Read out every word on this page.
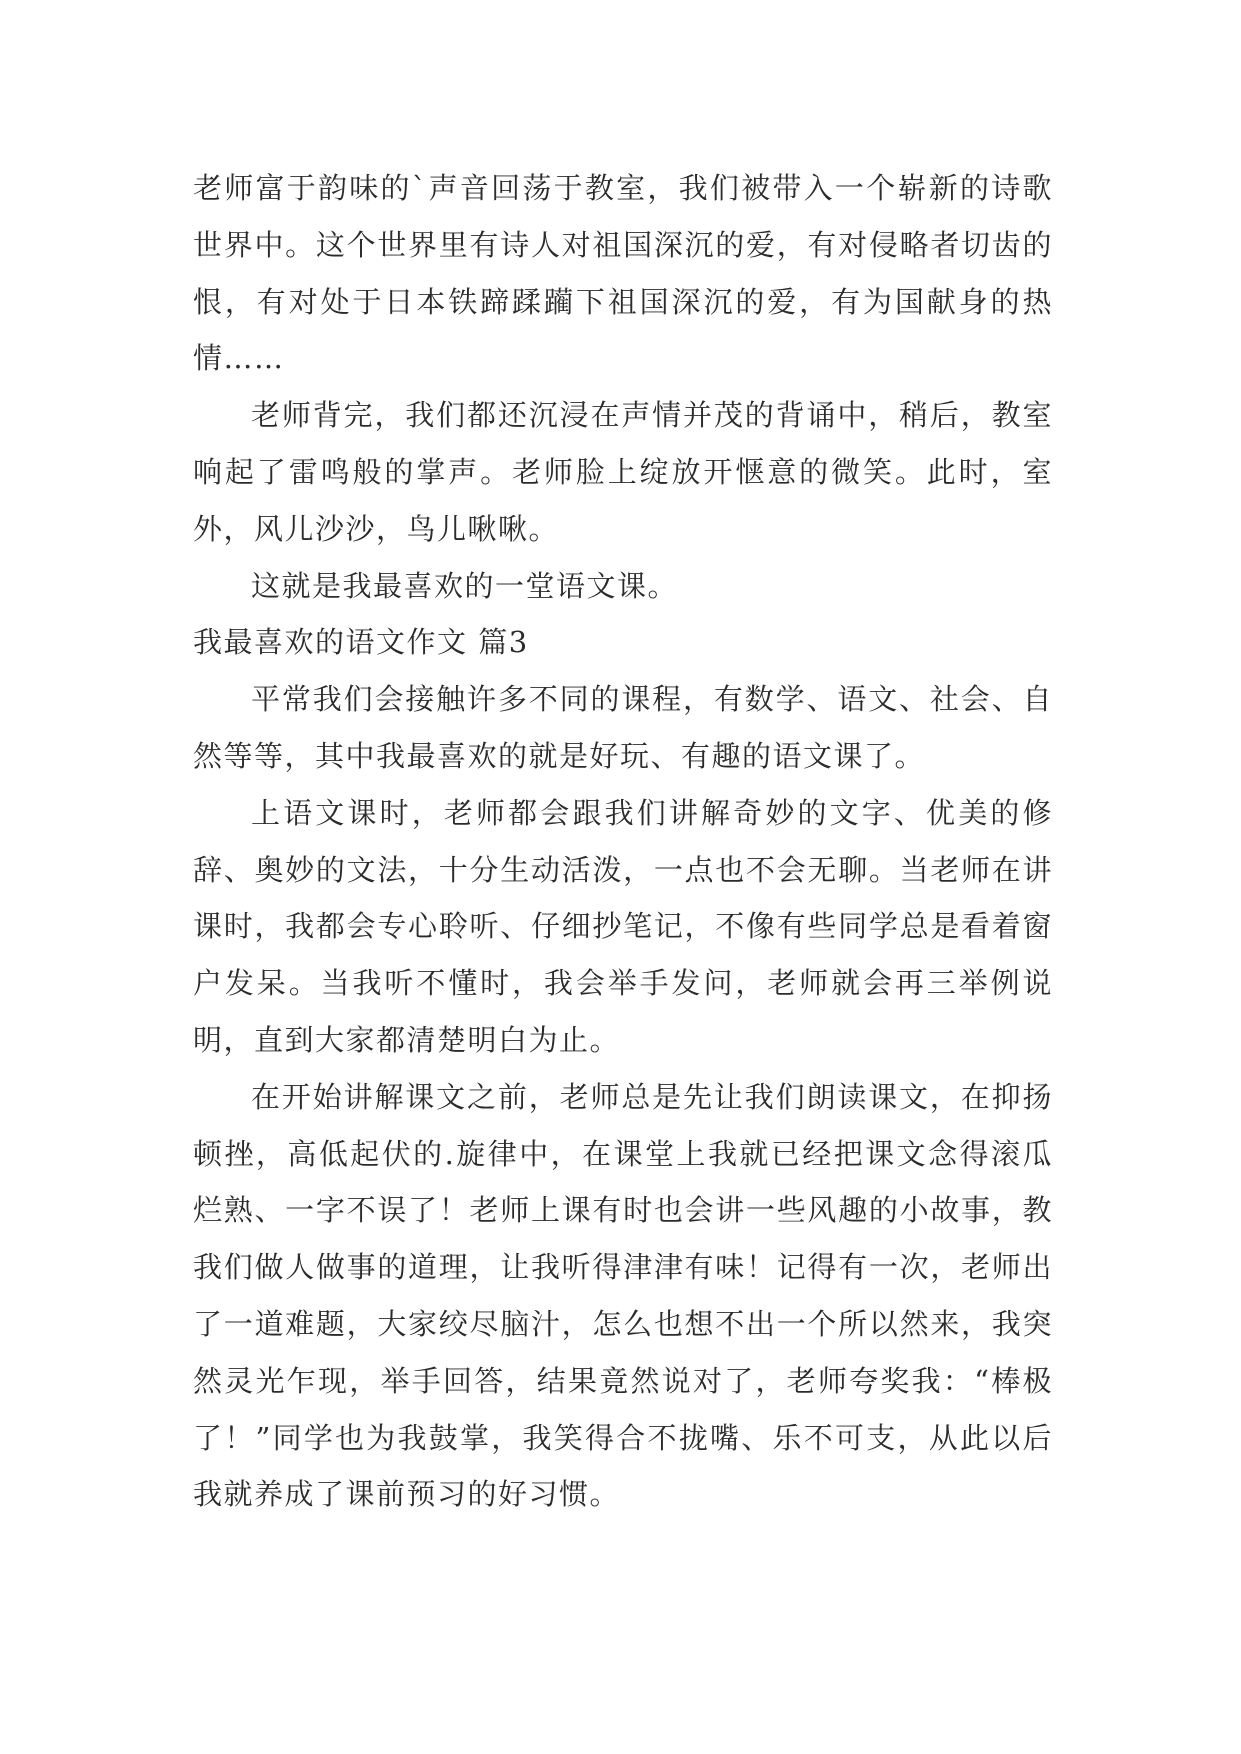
老师富于韵味的`声音回荡于教室，我们被带入一个崭新的诗歌世界中。这个世界里有诗人对祖国深沉的爱，有对侵略者切齿的恨，有对处于日本铁蹄蹂躏下祖国深沉的爱，有为国献身的热情……

老师背完，我们都还沉浸在声情并茂的背诵中，稍后，教室响起了雷鸣般的掌声。老师脸上绽放开惬意的微笑。此时，室外，风儿沙沙，鸟儿啾啾。

这就是我最喜欢的一堂语文课。

我最喜欢的语文作文 篇3

平常我们会接触许多不同的课程，有数学、语文、社会、自然等等，其中我最喜欢的就是好玩、有趣的语文课了。

上语文课时，老师都会跟我们讲解奇妙的文字、优美的修辞、奥妙的文法，十分生动活泼，一点也不会无聊。当老师在讲课时，我都会专心聆听、仔细抄笔记，不像有些同学总是看着窗户发呆。当我听不懂时，我会举手发问，老师就会再三举例说明，直到大家都清楚明白为止。

在开始讲解课文之前，老师总是先让我们朗读课文，在抑扬顿挫，高低起伏的.旋律中，在课堂上我就已经把课文念得滚瓜烂熟、一字不误了！老师上课有时也会讲一些风趣的小故事，教我们做人做事的道理，让我听得津津有味！记得有一次，老师出了一道难题，大家绞尽脑汁，怎么也想不出一个所以然来，我突然灵光乍现，举手回答，结果竟然说对了，老师夸奖我：“棒极了！”同学也为我鼓掌，我笑得合不拢嘴、乐不可支，从此以后我就养成了课前预习的好习惯。
